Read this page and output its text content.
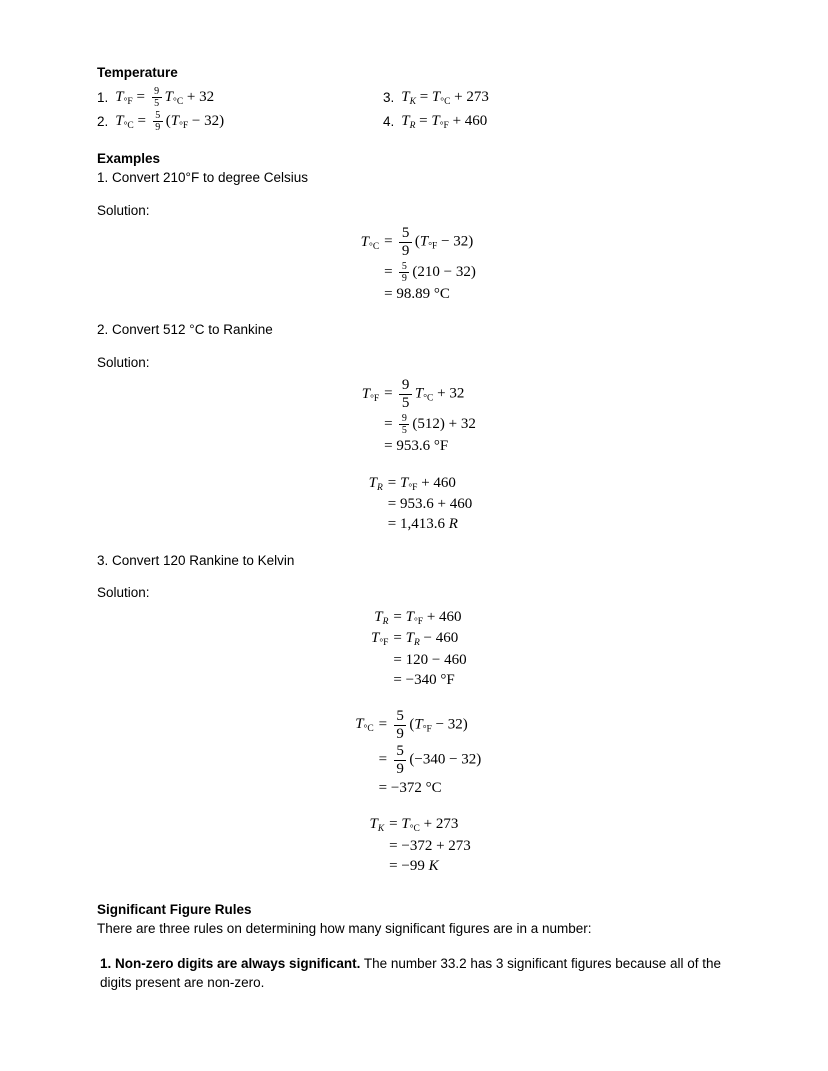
Temperature
1. $T_{^\circ F} = \frac{9}{5} T_{^\circ C} + 32$	3. $T_K = T_{^\circ C} + 273$
2. $T_{^\circ C} = \frac{5}{9} (T_{^\circ F} - 32)$	4. $T_R = T_{^\circ F} + 460$
Examples

1. Convert 210°F to degree Celsius

Solution:

$T_{^\circ C} = \frac{5}{9} (T_{^\circ F} - 32)$
= $\frac{5}{9} (210 - 32)$
= 98.89 °C

2. Convert 512 °C to Rankine

Solution:

$T_{^\circ F} = \frac{9}{5} T_{^\circ C} + 32$
= $\frac{9}{5} (512) + 32$
= 953.6 °F
$T_R = T_{^\circ F} + 460$
= 953.6 + 460
= 1,413.6 R

3. Convert 120 Rankine to Kelvin

Solution:

$T_R = T_{^\circ F} + 460$
$T_{^\circ F} = T_R - 460$
= 120 − 460
= −340 °F
$T_{^\circ C} = \frac{5}{9} (T_{^\circ F} - 32)$
= $\frac{5}{9} (-340 - 32)$
= −372 °C
$T_K = T_{^\circ C} + 273$
= −372 + 273
= −99 K
Significant Figure Rules

There are three rules on determining how many significant figures are in a number:

1. Non-zero digits are always significant. The number 33.2 has 3 significant figures because all of the digits present are non-zero.
